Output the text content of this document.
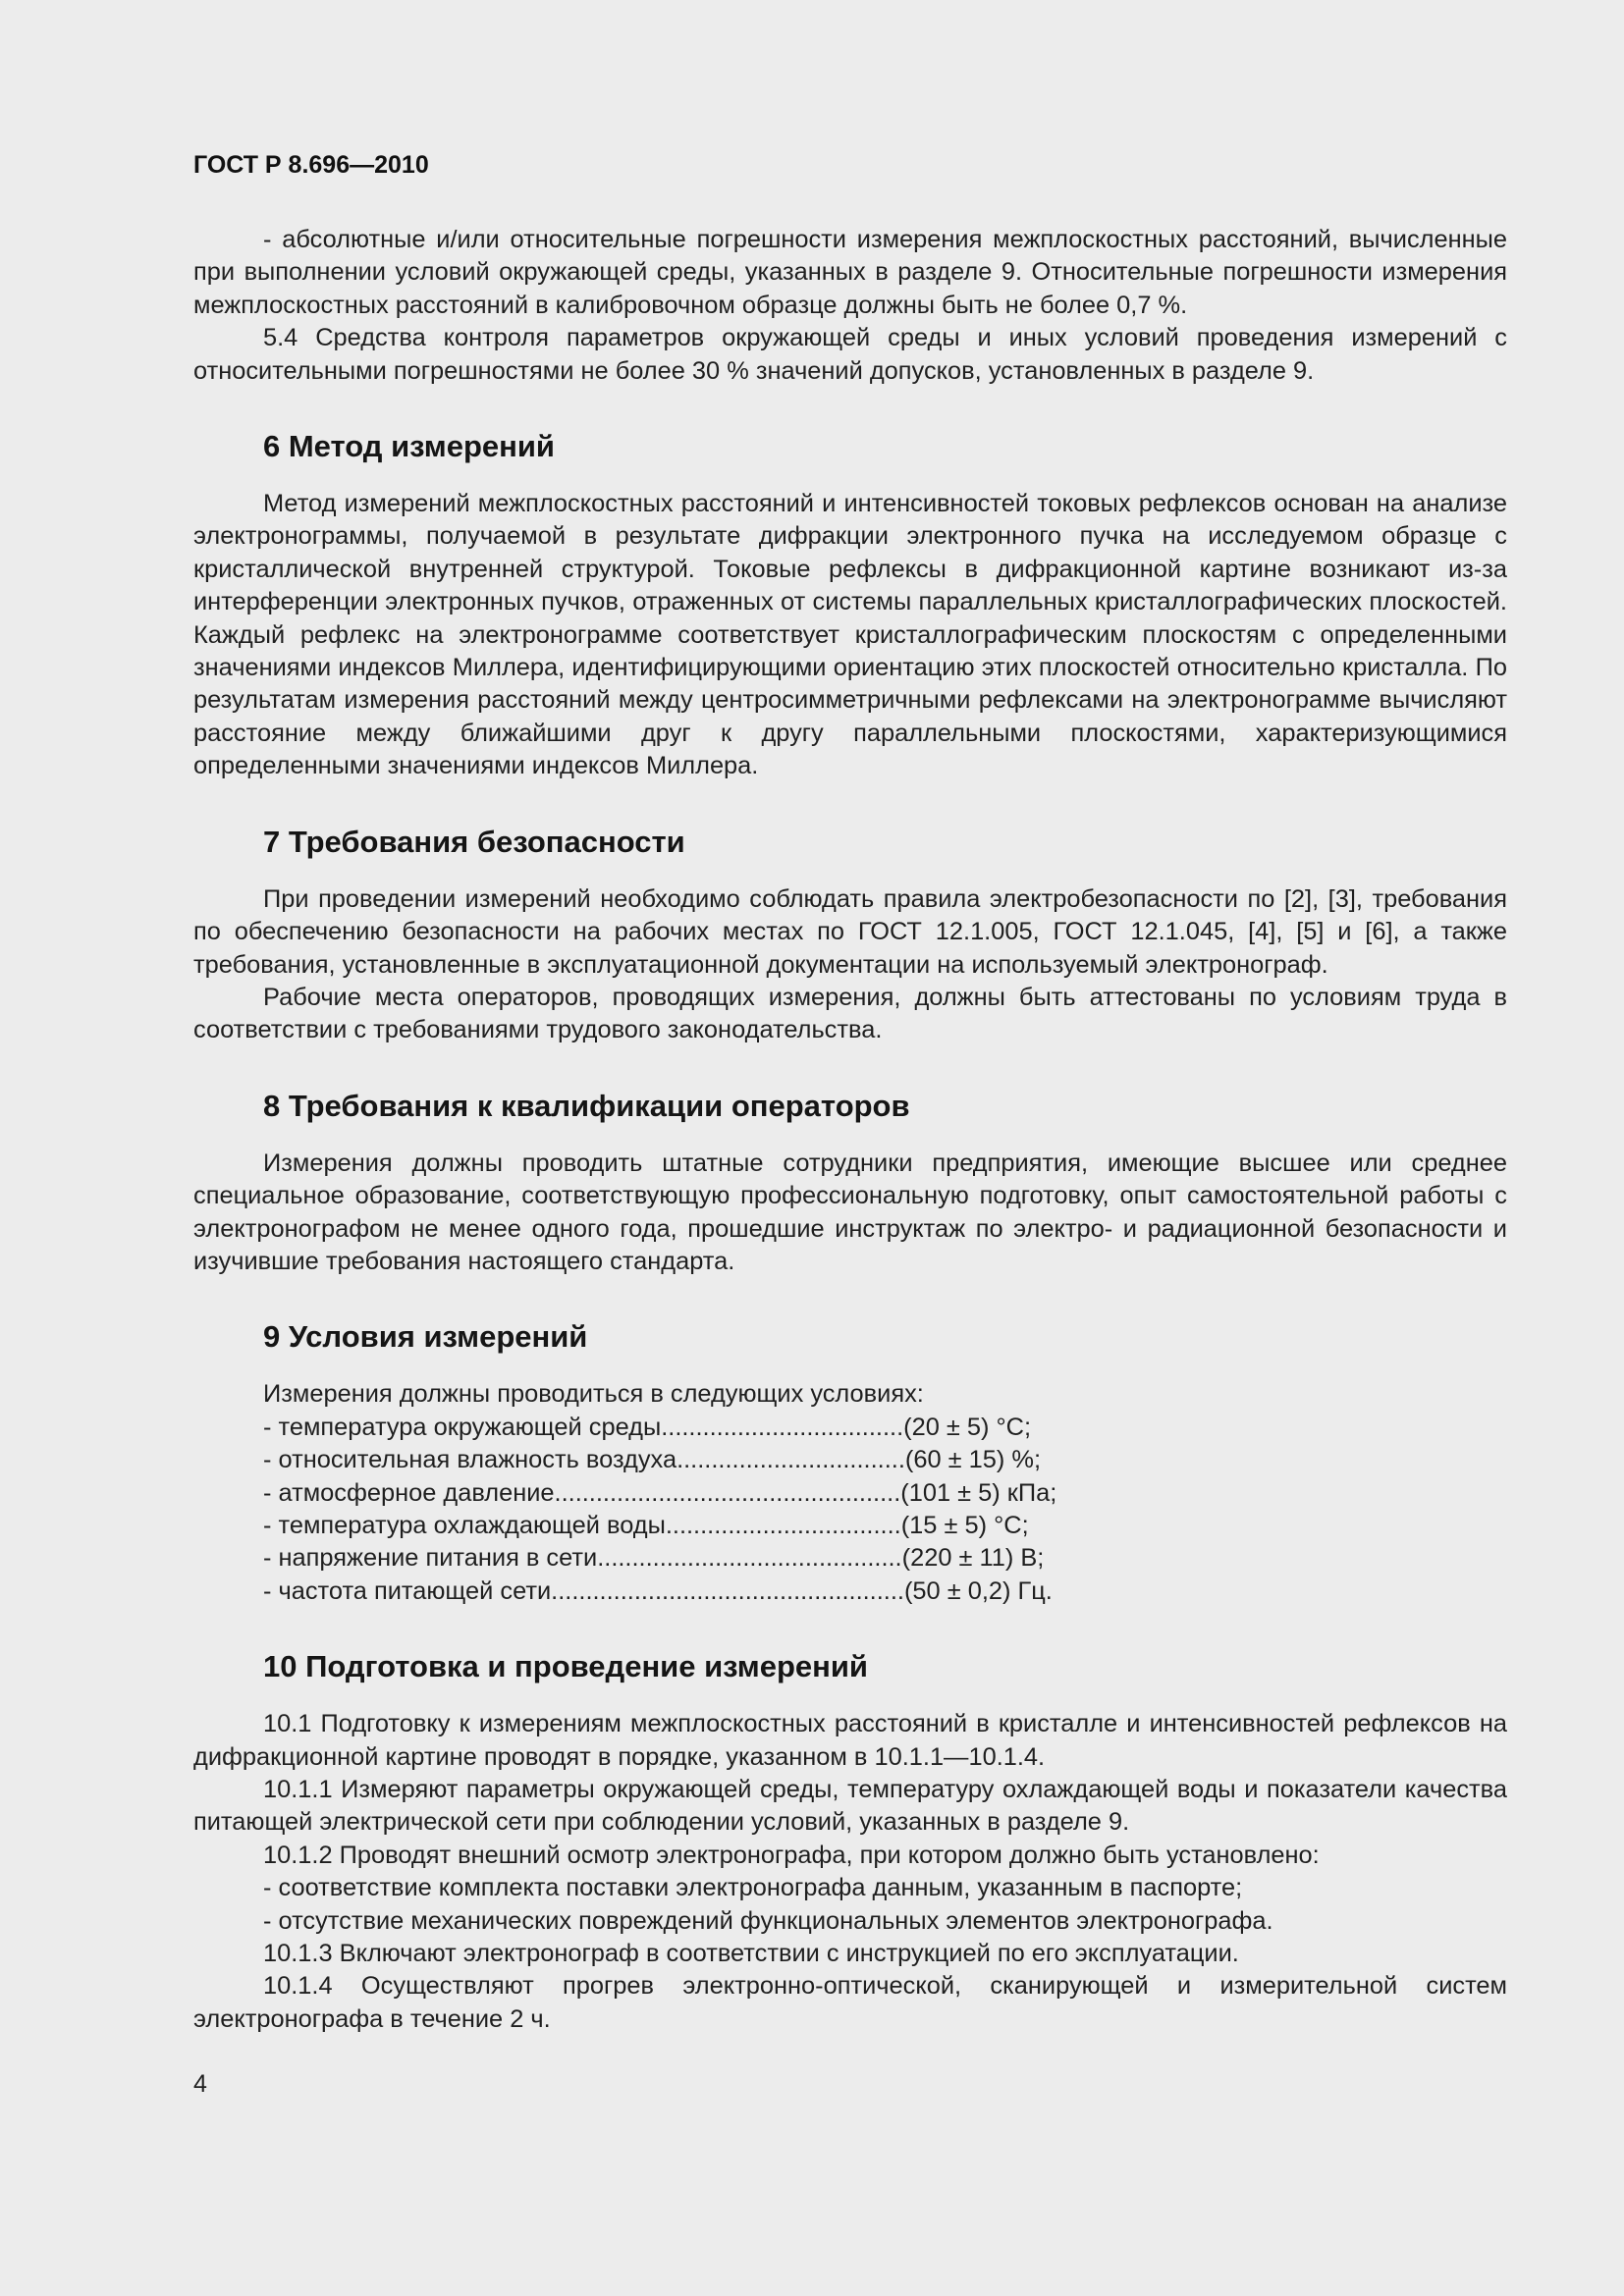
ГОСТ Р 8.696—2010

- абсолютные и/или относительные погрешности измерения межплоскостных расстояний, вычисленные при выполнении условий окружающей среды, указанных в разделе 9. Относительные погрешности измерения межплоскостных расстояний в калибровочном образце должны быть не более 0,7 %.

5.4 Средства контроля параметров окружающей среды и иных условий проведения измерений с относительными погрешностями не более 30 % значений допусков, установленных в разделе 9.

6 Метод измерений

Метод измерений межплоскостных расстояний и интенсивностей токовых рефлексов основан на анализе электронограммы, получаемой в результате дифракции электронного пучка на исследуемом образце с кристаллической внутренней структурой. Токовые рефлексы в дифракционной картине возникают из-за интерференции электронных пучков, отраженных от системы параллельных кристаллографических плоскостей. Каждый рефлекс на электронограмме соответствует кристаллографическим плоскостям с определенными значениями индексов Миллера, идентифицирующими ориентацию этих плоскостей относительно кристалла. По результатам измерения расстояний между центросимметричными рефлексами на электронограмме вычисляют расстояние между ближайшими друг к другу параллельными плоскостями, характеризующимися определенными значениями индексов Миллера.

7 Требования безопасности

При проведении измерений необходимо соблюдать правила электробезопасности по [2], [3], требования по обеспечению безопасности на рабочих местах по ГОСТ 12.1.005, ГОСТ 12.1.045, [4], [5] и [6], а также требования, установленные в эксплуатационной документации на используемый электронограф.

Рабочие места операторов, проводящих измерения, должны быть аттестованы по условиям труда в соответствии с требованиями трудового законодательства.

8 Требования к квалификации операторов

Измерения должны проводить штатные сотрудники предприятия, имеющие высшее или среднее специальное образование, соответствующую профессиональную подготовку, опыт самостоятельной работы с электронографом не менее одного года, прошедшие инструктаж по электро- и радиационной безопасности и изучившие требования настоящего стандарта.

9 Условия измерений

Измерения должны проводиться в следующих условиях:

- температура окружающей среды...................................(20 ± 5) °С;
- относительная влажность воздуха.................................(60 ± 15) %;
- атмосферное давление..................................................(101 ± 5) кПа;
- температура охлаждающей воды..................................(15 ± 5) °С;
- напряжение питания в сети............................................(220 ± 11) В;
- частота питающей сети...................................................(50 ± 0,2) Гц.
10 Подготовка и проведение измерений

10.1 Подготовку к измерениям межплоскостных расстояний в кристалле и интенсивностей рефлексов на дифракционной картине проводят в порядке, указанном в 10.1.1—10.1.4.

10.1.1 Измеряют параметры окружающей среды, температуру охлаждающей воды и показатели качества питающей электрической сети при соблюдении условий, указанных в разделе 9.

10.1.2 Проводят внешний осмотр электронографа, при котором должно быть установлено:

- соответствие комплекта поставки электронографа данным, указанным в паспорте;

- отсутствие механических повреждений функциональных элементов электронографа.

10.1.3 Включают электронограф в соответствии с инструкцией по его эксплуатации.

10.1.4 Осуществляют прогрев электронно-оптической, сканирующей и измерительной систем электронографа в течение 2 ч.

4
